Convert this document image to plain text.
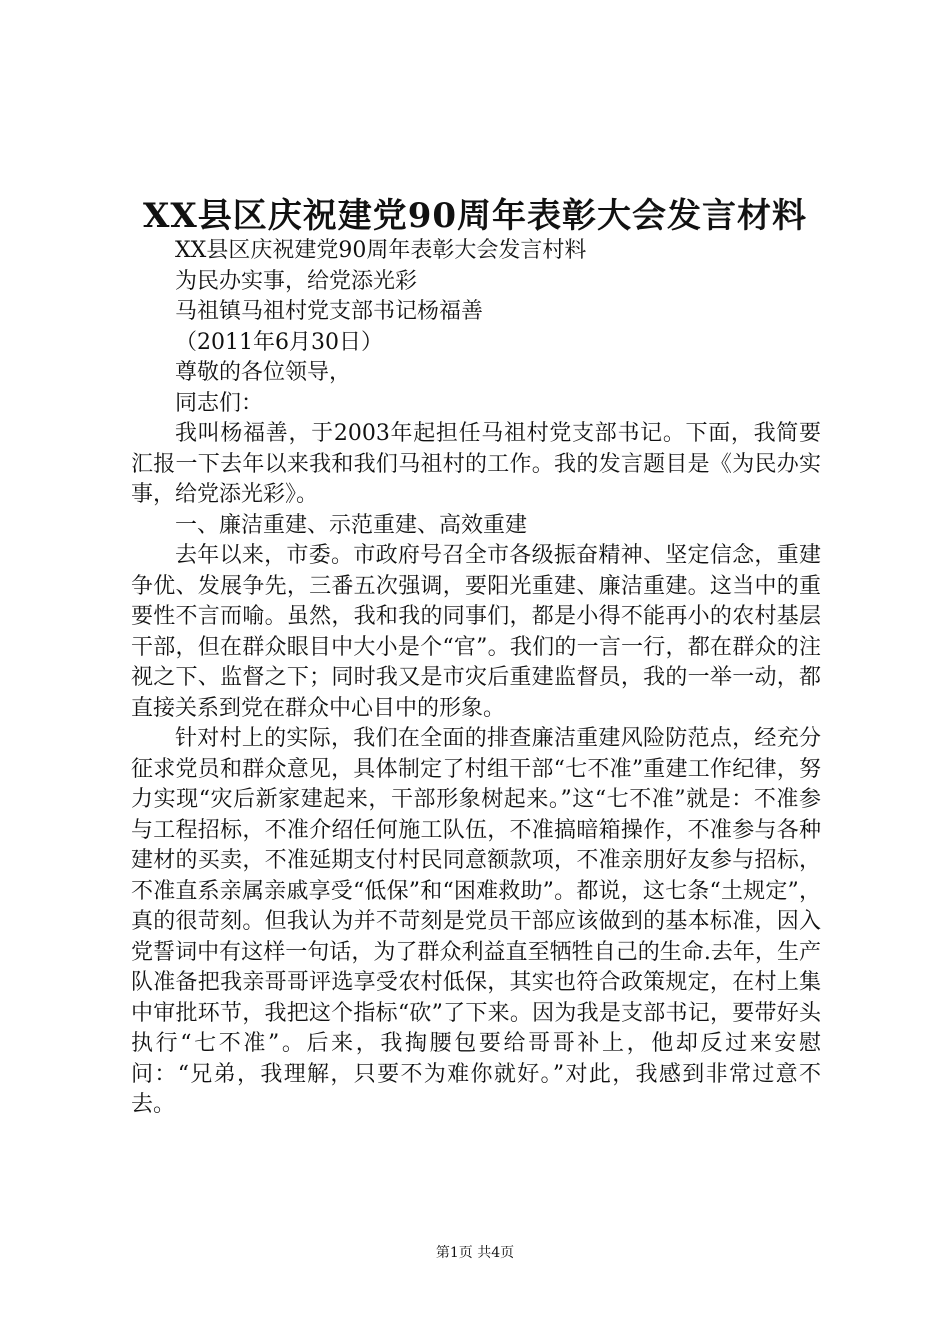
XX县区庆祝建党90周年表彰大会发言材料

XX县区庆祝建党90周年表彰大会发言村料

为民办实事，给党添光彩

马祖镇马祖村党支部书记杨福善

（2011年6月30日）

尊敬的各位领导，

同志们：

我叫杨福善，于2003年起担任马祖村党支部书记。下面，我简要汇报一下去年以来我和我们马祖村的工作。我的发言题目是《为民办实事，给党添光彩》。

一、廉洁重建、示范重建、高效重建

去年以来，市委。市政府号召全市各级振奋精神、坚定信念，重建争优、发展争先，三番五次强调，要阳光重建、廉洁重建。这当中的重要性不言而喻。虽然，我和我的同事们，都是小得不能再小的农村基层干部，但在群众眼目中大小是个“官”。我们的一言一行，都在群众的注视之下、监督之下；同时我又是市灾后重建监督员，我的一举一动，都直接关系到党在群众中心目中的形象。

针对村上的实际，我们在全面的排查廉洁重建风险防范点，经充分征求党员和群众意见，具体制定了村组干部“七不准”重建工作纪律，努力实现“灾后新家建起来，干部形象树起来。”这“七不准”就是：不准参与工程招标，不准介绍任何施工队伍，不准搞暗箱操作，不准参与各种建材的买卖，不准延期支付村民同意额款项，不准亲朋好友参与招标，不准直系亲属亲戚享受“低保”和“困难救助”。都说，这七条“土规定”，真的很苛刻。但我认为并不苛刻是党员干部应该做到的基本标准，因入党誓词中有这样一句话，为了群众利益直至牺牲自己的生命.去年，生产队准备把我亲哥哥评选享受农村低保，其实也符合政策规定，在村上集中审批环节，我把这个指标“砍”了下来。因为我是支部书记，要带好头执行“七不准”。后来，我掏腰包要给哥哥补上，他却反过来安慰问：“兄弟，我理解，只要不为难你就好。”对此，我感到非常过意不去。

第1页 共4页
